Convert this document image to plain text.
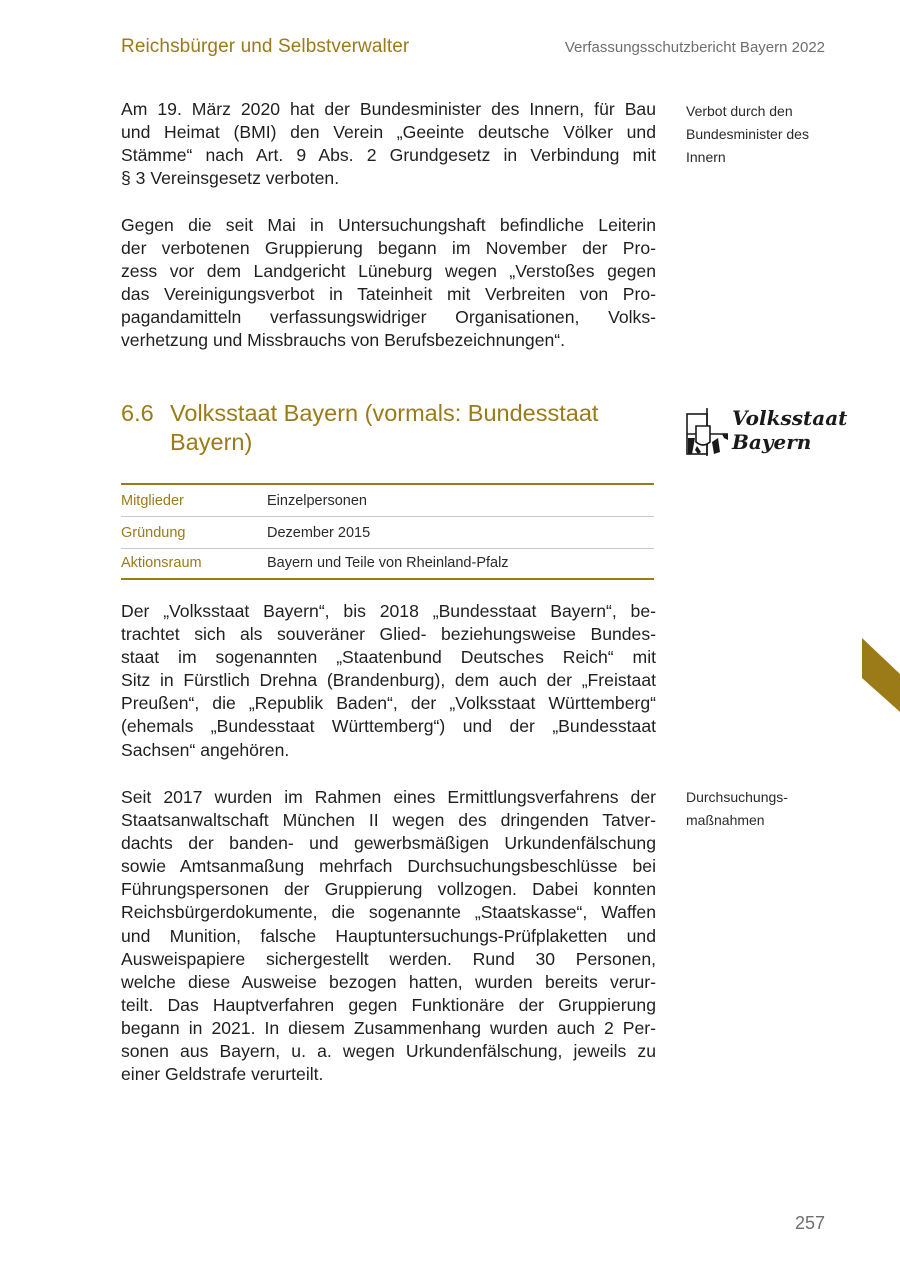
Reichsbürger und Selbstverwalter	Verfassungsschutzbericht Bayern 2022

Am 19. März 2020 hat der Bundesminister des Innern, für Bau
und Heimat (BMI) den Verein „Geeinte deutsche Völker und
Stämme“ nach Art. 9 Abs. 2 Grundgesetz in Verbindung mit
§ 3 Vereinsgesetz verboten.

Verbot durch den
Bundesminister des
Innern

Gegen die seit Mai in Untersuchungshaft befindliche Leiterin
der verbotenen Gruppierung begann im November der Pro-
zess vor dem Landgericht Lüneburg wegen „Verstoßes gegen
das Vereinigungsverbot in Tateinheit mit Verbreiten von Pro-
pagandamitteln verfassungswidriger Organisationen, Volks-
verhetzung und Missbrauchs von Berufsbezeichnungen“.

6.6 Volksstaat Bayern (vormals: Bundesstaat
Bayern)
Volksstaat
Bayern
Mitglieder	Einzelpersonen
Gründung	Dezember 2015
Aktionsraum	Bayern und Teile von Rheinland-Pfalz

Der „Volksstaat Bayern“, bis 2018 „Bundesstaat Bayern“, be-
trachtet sich als souveräner Glied- beziehungsweise Bundes-
staat im sogenannten „Staatenbund Deutsches Reich“ mit
Sitz in Fürstlich Drehna (Brandenburg), dem auch der „Freistaat
Preußen“, die „Republik Baden“, der „Volksstaat Württemberg“
(ehemals „Bundesstaat Württemberg“) und der „Bundesstaat
Sachsen“ angehören.

Seit 2017 wurden im Rahmen eines Ermittlungsverfahrens der
Staatsanwaltschaft München II wegen des dringenden Tatver-
dachts der banden- und gewerbsmäßigen Urkundenfälschung
sowie Amtsanmaßung mehrfach Durchsuchungsbeschlüsse bei
Führungspersonen der Gruppierung vollzogen. Dabei konnten
Reichsbürgerdokumente, die sogenannte „Staatskasse“, Waffen
und Munition, falsche Hauptuntersuchungs-Prüfplaketten und
Ausweispapiere sichergestellt werden. Rund 30 Personen,
welche diese Ausweise bezogen hatten, wurden bereits verur-
teilt. Das Hauptverfahren gegen Funktionäre der Gruppierung
begann in 2021. In diesem Zusammenhang wurden auch 2 Per-
sonen aus Bayern, u. a. wegen Urkundenfälschung, jeweils zu
einer Geldstrafe verurteilt.

Durchsuchungs-
maßnahmen
257
